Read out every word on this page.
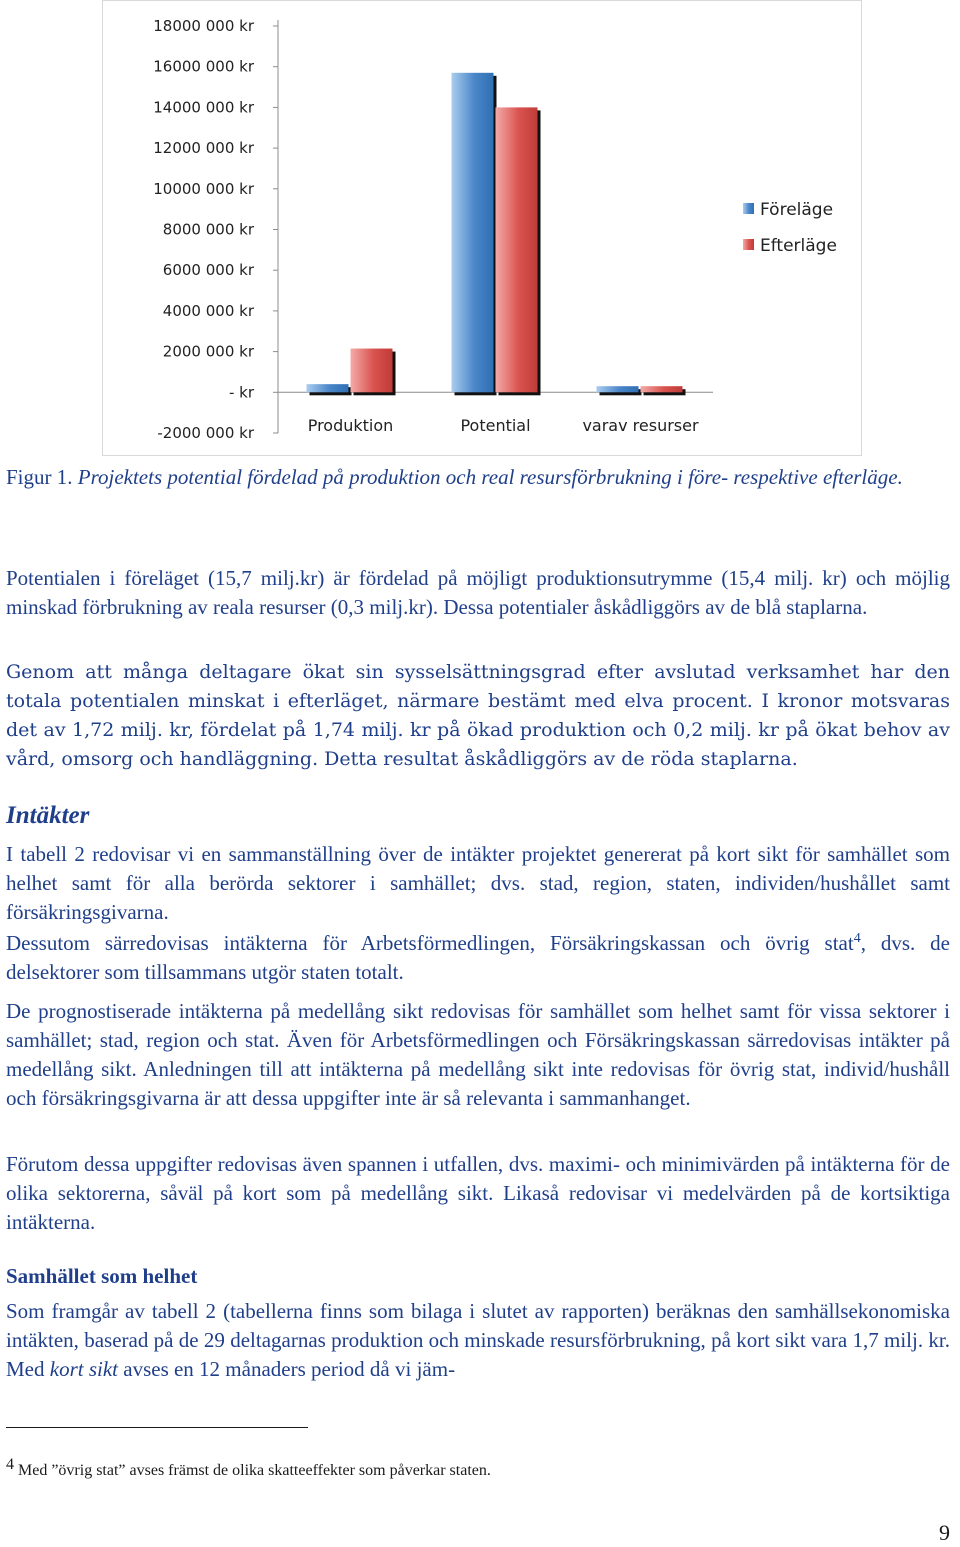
18000 000 kr
16000 000 kr
14000 000 kr
12000 000 kr
10000 000 kr
8000 000 kr
6000 000 kr
4000 000 kr
2000 000 kr
- kr
-2000 000 kr	Produktion	Potential	varav resurser
Föreläge
Efterläge

Figur 1. Projektets potential fördelad på produktion och real resursförbrukning i före- respektive efterläge.

Potentialen i föreläget (15,7 milj.kr) är fördelad på möjligt produktionsutrymme (15,4 milj. kr) och möjlig minskad förbrukning av reala resurser (0,3 milj.kr). Dessa potentialer åskådliggörs av de blå staplarna.

Genom att många deltagare ökat sin sysselsättningsgrad efter avslutad verksamhet har den totala potentialen minskat i efterläget, närmare bestämt med elva procent. I kronor motsvaras det av 1,72 milj. kr, fördelat på 1,74 milj. kr på ökad produktion och 0,2 milj. kr på ökat behov av vård, omsorg och handläggning. Detta resultat åskådliggörs av de röda staplarna.

Intäkter

I tabell 2 redovisar vi en sammanställning över de intäkter projektet genererat på kort sikt för samhället som helhet samt för alla berörda sektorer i samhället; dvs. stad, region, staten, individen/hushållet samt försäkringsgivarna.

Dessutom särredovisas intäkterna för Arbetsförmedlingen, Försäkringskassan och övrig stat$^4$, dvs. de delsektorer som tillsammans utgör staten totalt.

De prognostiserade intäkterna på medellång sikt redovisas för samhället som helhet samt för vissa sektorer i samhället; stad, region och stat. Även för Arbetsförmedlingen och Försäkringskassan särredovisas intäkter på medellång sikt. Anledningen till att intäkterna på medellång sikt inte redovisas för övrig stat, individ/hushåll och försäkringsgivarna är att dessa uppgifter inte är så relevanta i sammanhanget.

Förutom dessa uppgifter redovisas även spannen i utfallen, dvs. maximi- och minimivärden på intäkterna för de olika sektorerna, såväl på kort som på medellång sikt. Likaså redovisar vi medelvärden på de kortsiktiga intäkterna.

Samhället som helhet

Som framgår av tabell 2 (tabellerna finns som bilaga i slutet av rapporten) beräknas den samhällsekonomiska intäkten, baserad på de 29 deltagarnas produktion och minskade resursförbrukning, på kort sikt vara 1,7 milj. kr. Med kort sikt avses en 12 månaders period då vi jäm-

$^4$ Med ”övrig stat” avses främst de olika skatteeffekter som påverkar staten.

9
